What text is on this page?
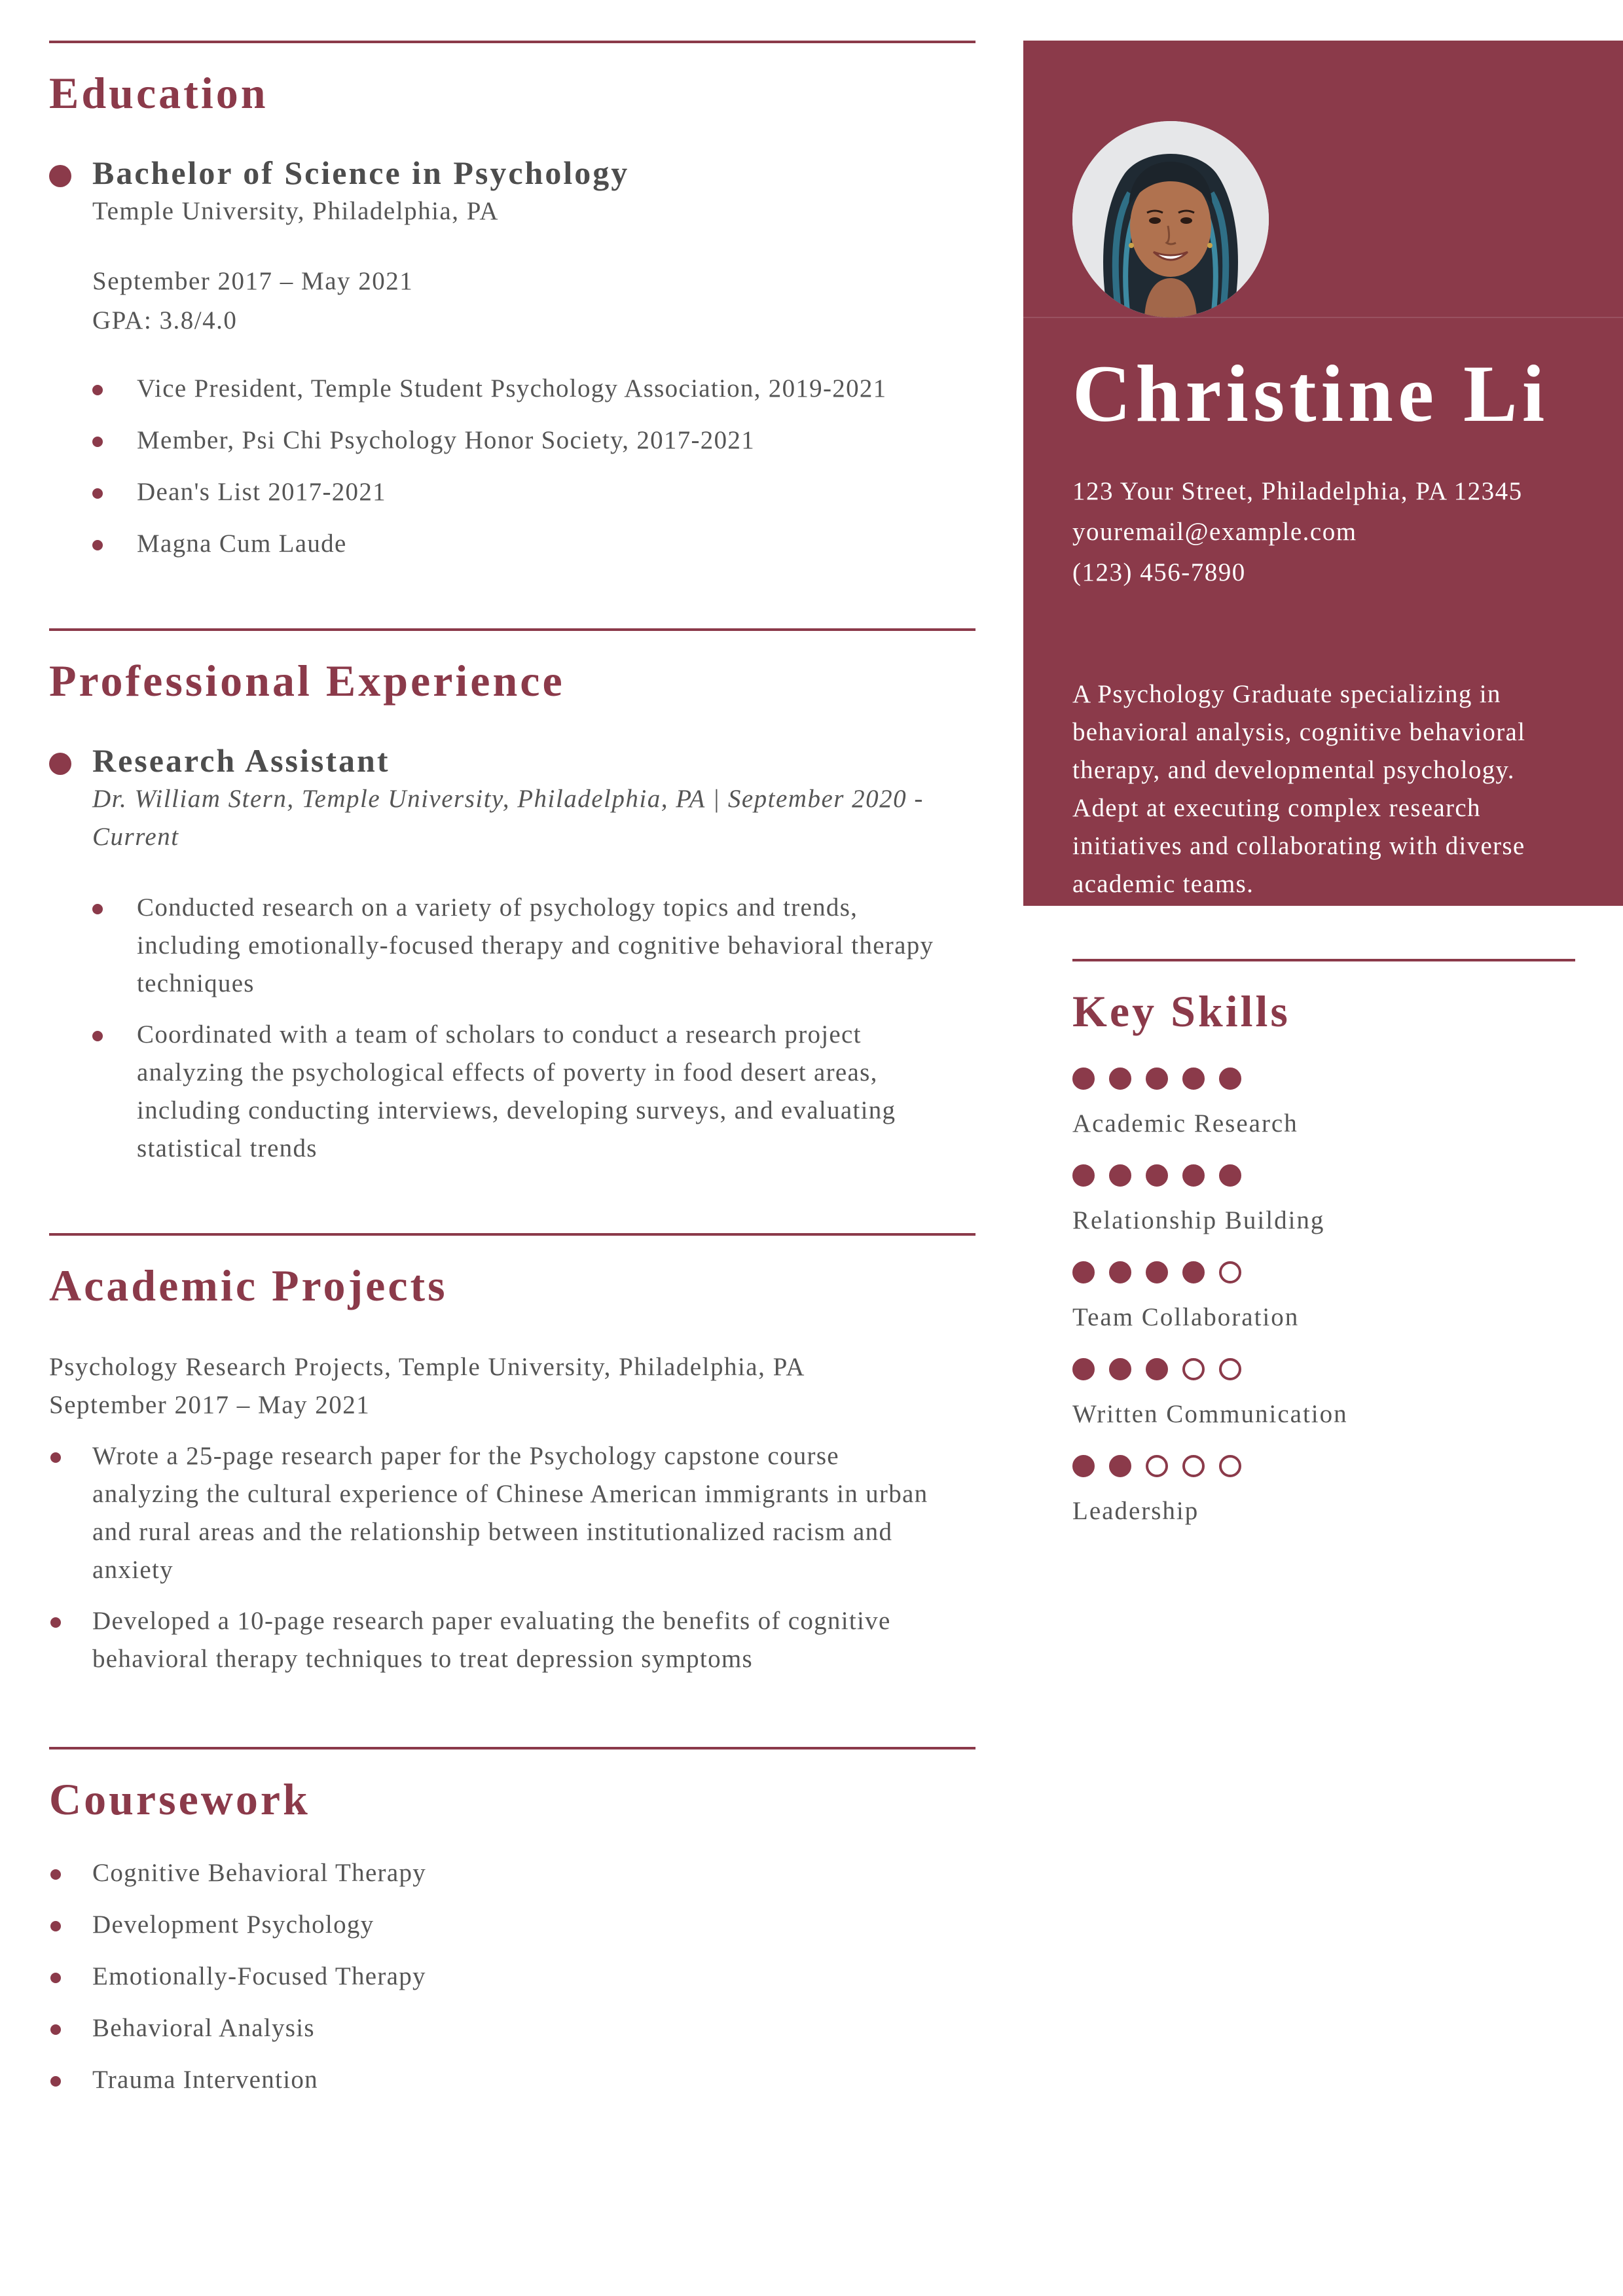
Education
Bachelor of Science in Psychology
Temple University, Philadelphia, PA
September 2017 – May 2021
GPA: 3.8/4.0
Vice President, Temple Student Psychology Association, 2019-2021
Member, Psi Chi Psychology Honor Society, 2017-2021
Dean's List 2017-2021
Magna Cum Laude
Professional Experience
Research Assistant
Dr. William Stern, Temple University, Philadelphia, PA | September 2020 - Current
Conducted research on a variety of psychology topics and trends, including emotionally-focused therapy and cognitive behavioral therapy techniques
Coordinated with a team of scholars to conduct a research project analyzing the psychological effects of poverty in food desert areas, including conducting interviews, developing surveys, and evaluating statistical trends
Academic Projects
Psychology Research Projects, Temple University, Philadelphia, PA
September 2017 – May 2021
Wrote a 25-page research paper for the Psychology capstone course analyzing the cultural experience of Chinese American immigrants in urban and rural areas and the relationship between institutionalized racism and anxiety
Developed a 10-page research paper evaluating the benefits of cognitive behavioral therapy techniques to treat depression symptoms
Coursework
Cognitive Behavioral Therapy
Development Psychology
Emotionally-Focused Therapy
Behavioral Analysis
Trauma Intervention
Christine Li
123 Your Street, Philadelphia, PA 12345
youremail@example.com
(123) 456-7890
A Psychology Graduate specializing in behavioral analysis, cognitive behavioral therapy, and developmental psychology. Adept at executing complex research initiatives and collaborating with diverse academic teams.
Key Skills
Academic Research
Relationship Building
Team Collaboration
Written Communication
Leadership
